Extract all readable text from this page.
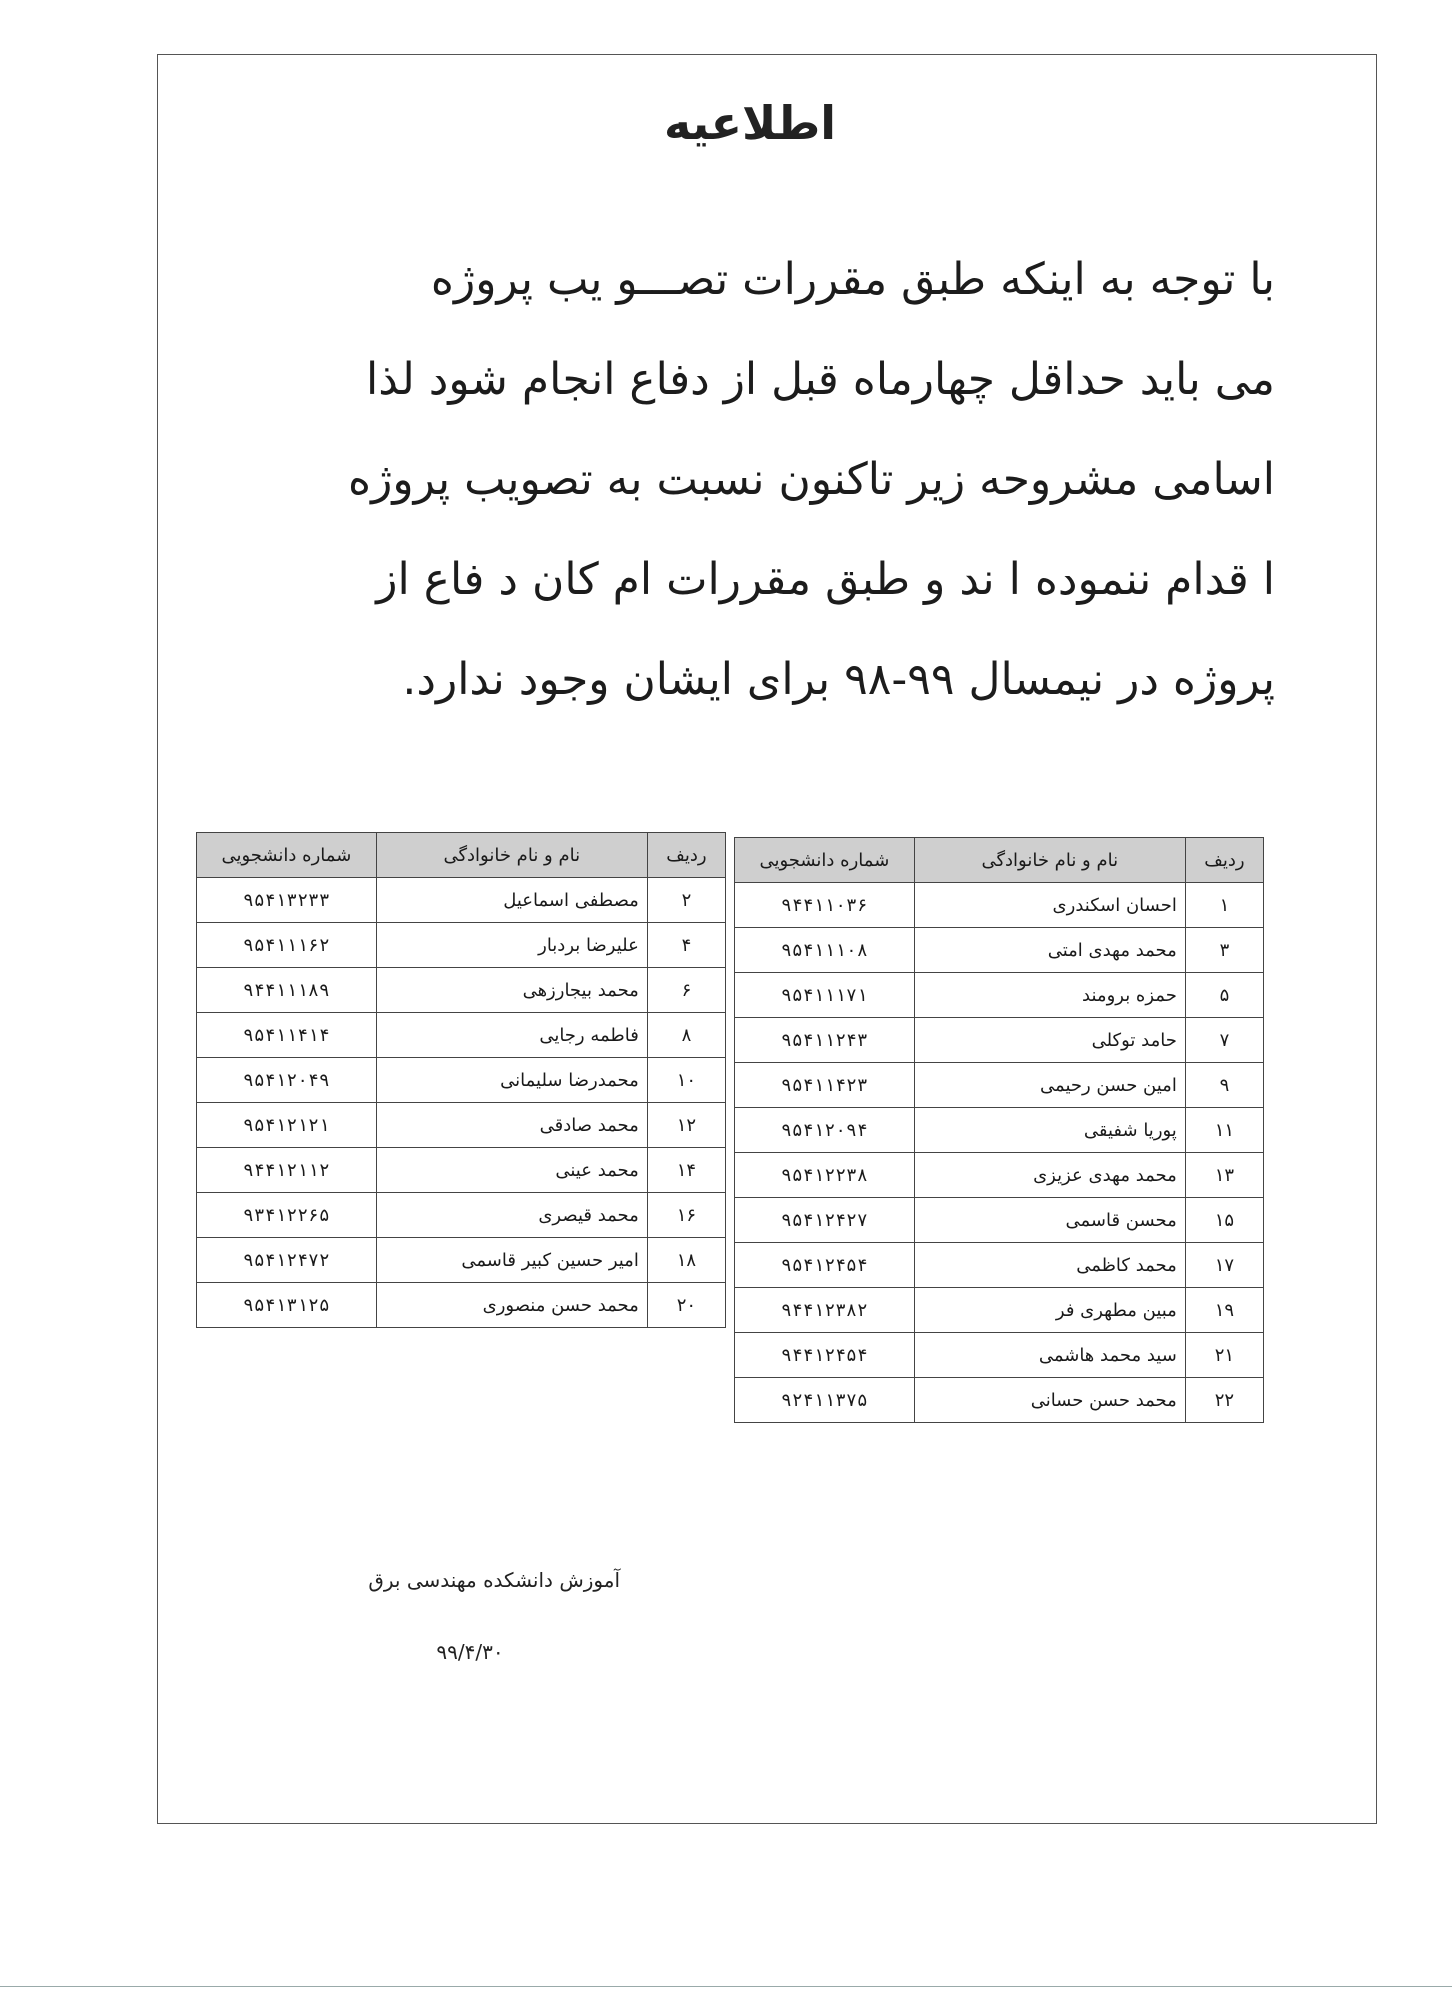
اطلاعیه
با توجه به اینکه طبق مقررات تصـــو یب پروژه
می باید حداقل چهارماه قبل از دفاع انجام شود لذا
اسامی مشروحه زیر تاکنون نسبت به تصویب پروژه
ا قدام ننموده ا ند و طبق مقررات ام کان د فاع از
پروژه در نیمسال ۹۹-۹۸ برای ایشان وجود ندارد.
ردیف	نام و نام خانوادگی	شماره دانشجویی
۱	احسان اسکندری	۹۴۴۱۱۰۳۶
۳	محمد مهدی امتی	۹۵۴۱۱۱۰۸
۵	حمزه برومند	۹۵۴۱۱۱۷۱
۷	حامد توکلی	۹۵۴۱۱۲۴۳
۹	امین حسن رحیمی	۹۵۴۱۱۴۲۳
۱۱	پوریا شفیقی	۹۵۴۱۲۰۹۴
۱۳	محمد مهدی عزیزی	۹۵۴۱۲۲۳۸
۱۵	محسن قاسمی	۹۵۴۱۲۴۲۷
۱۷	محمد کاظمی	۹۵۴۱۲۴۵۴
۱۹	مبین مطهری فر	۹۴۴۱۲۳۸۲
۲۱	سید محمد هاشمی	۹۴۴۱۲۴۵۴
۲۲	محمد حسن حسانی	۹۲۴۱۱۳۷۵
ردیف	نام و نام خانوادگی	شماره دانشجویی
۲	مصطفی اسماعیل	۹۵۴۱۳۲۳۳
۴	علیرضا بردبار	۹۵۴۱۱۱۶۲
۶	محمد بیجارزهی	۹۴۴۱۱۱۸۹
۸	فاطمه رجایی	۹۵۴۱۱۴۱۴
۱۰	محمدرضا سلیمانی	۹۵۴۱۲۰۴۹
۱۲	محمد صادقی	۹۵۴۱۲۱۲۱
۱۴	محمد عینی	۹۴۴۱۲۱۱۲
۱۶	محمد قیصری	۹۳۴۱۲۲۶۵
۱۸	امیر حسین کبیر قاسمی	۹۵۴۱۲۴۷۲
۲۰	محمد حسن منصوری	۹۵۴۱۳۱۲۵
آموزش دانشکده مهندسی برق
۹۹/۴/۳۰
